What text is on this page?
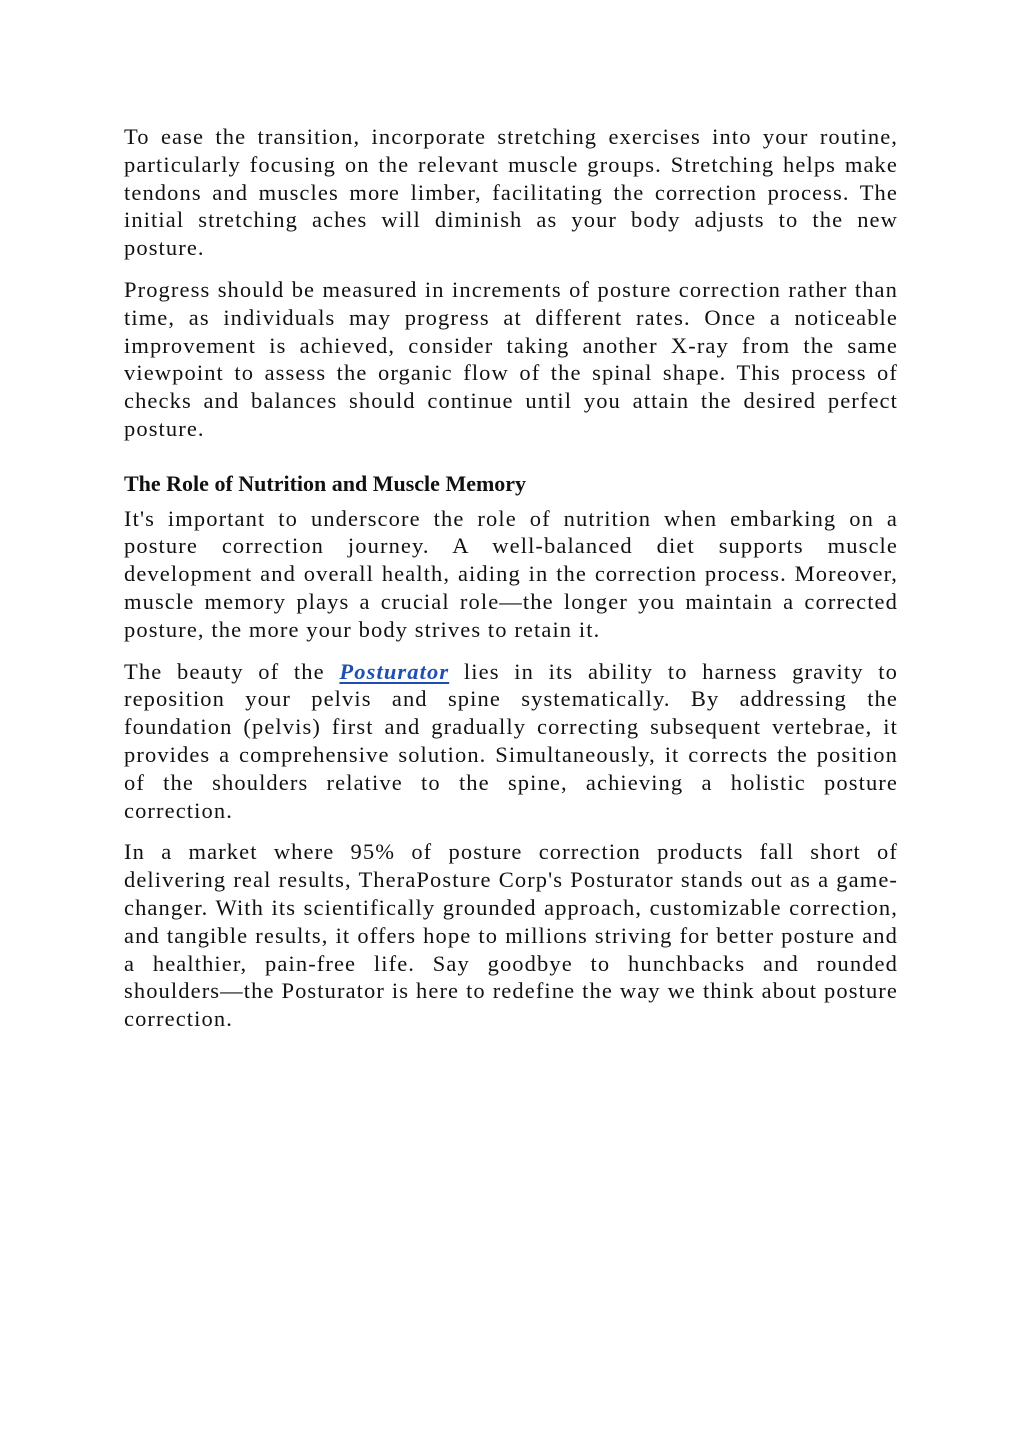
To ease the transition, incorporate stretching exercises into your routine, particularly focusing on the relevant muscle groups. Stretching helps make tendons and muscles more limber, facilitating the correction process. The initial stretching aches will diminish as your body adjusts to the new posture.

Progress should be measured in increments of posture correction rather than time, as individuals may progress at different rates. Once a noticeable improvement is achieved, consider taking another X-ray from the same viewpoint to assess the organic flow of the spinal shape. This process of checks and balances should continue until you attain the desired perfect posture.

The Role of Nutrition and Muscle Memory

It's important to underscore the role of nutrition when embarking on a posture correction journey. A well-balanced diet supports muscle development and overall health, aiding in the correction process. Moreover, muscle memory plays a crucial role—the longer you maintain a corrected posture, the more your body strives to retain it.

The beauty of the Posturator lies in its ability to harness gravity to reposition your pelvis and spine systematically. By addressing the foundation (pelvis) first and gradually correcting subsequent vertebrae, it provides a comprehensive solution. Simultaneously, it corrects the position of the shoulders relative to the spine, achieving a holistic posture correction.

In a market where 95% of posture correction products fall short of delivering real results, TheraPosture Corp's Posturator stands out as a game-changer. With its scientifically grounded approach, customizable correction, and tangible results, it offers hope to millions striving for better posture and a healthier, pain-free life. Say goodbye to hunchbacks and rounded shoulders—the Posturator is here to redefine the way we think about posture correction.
